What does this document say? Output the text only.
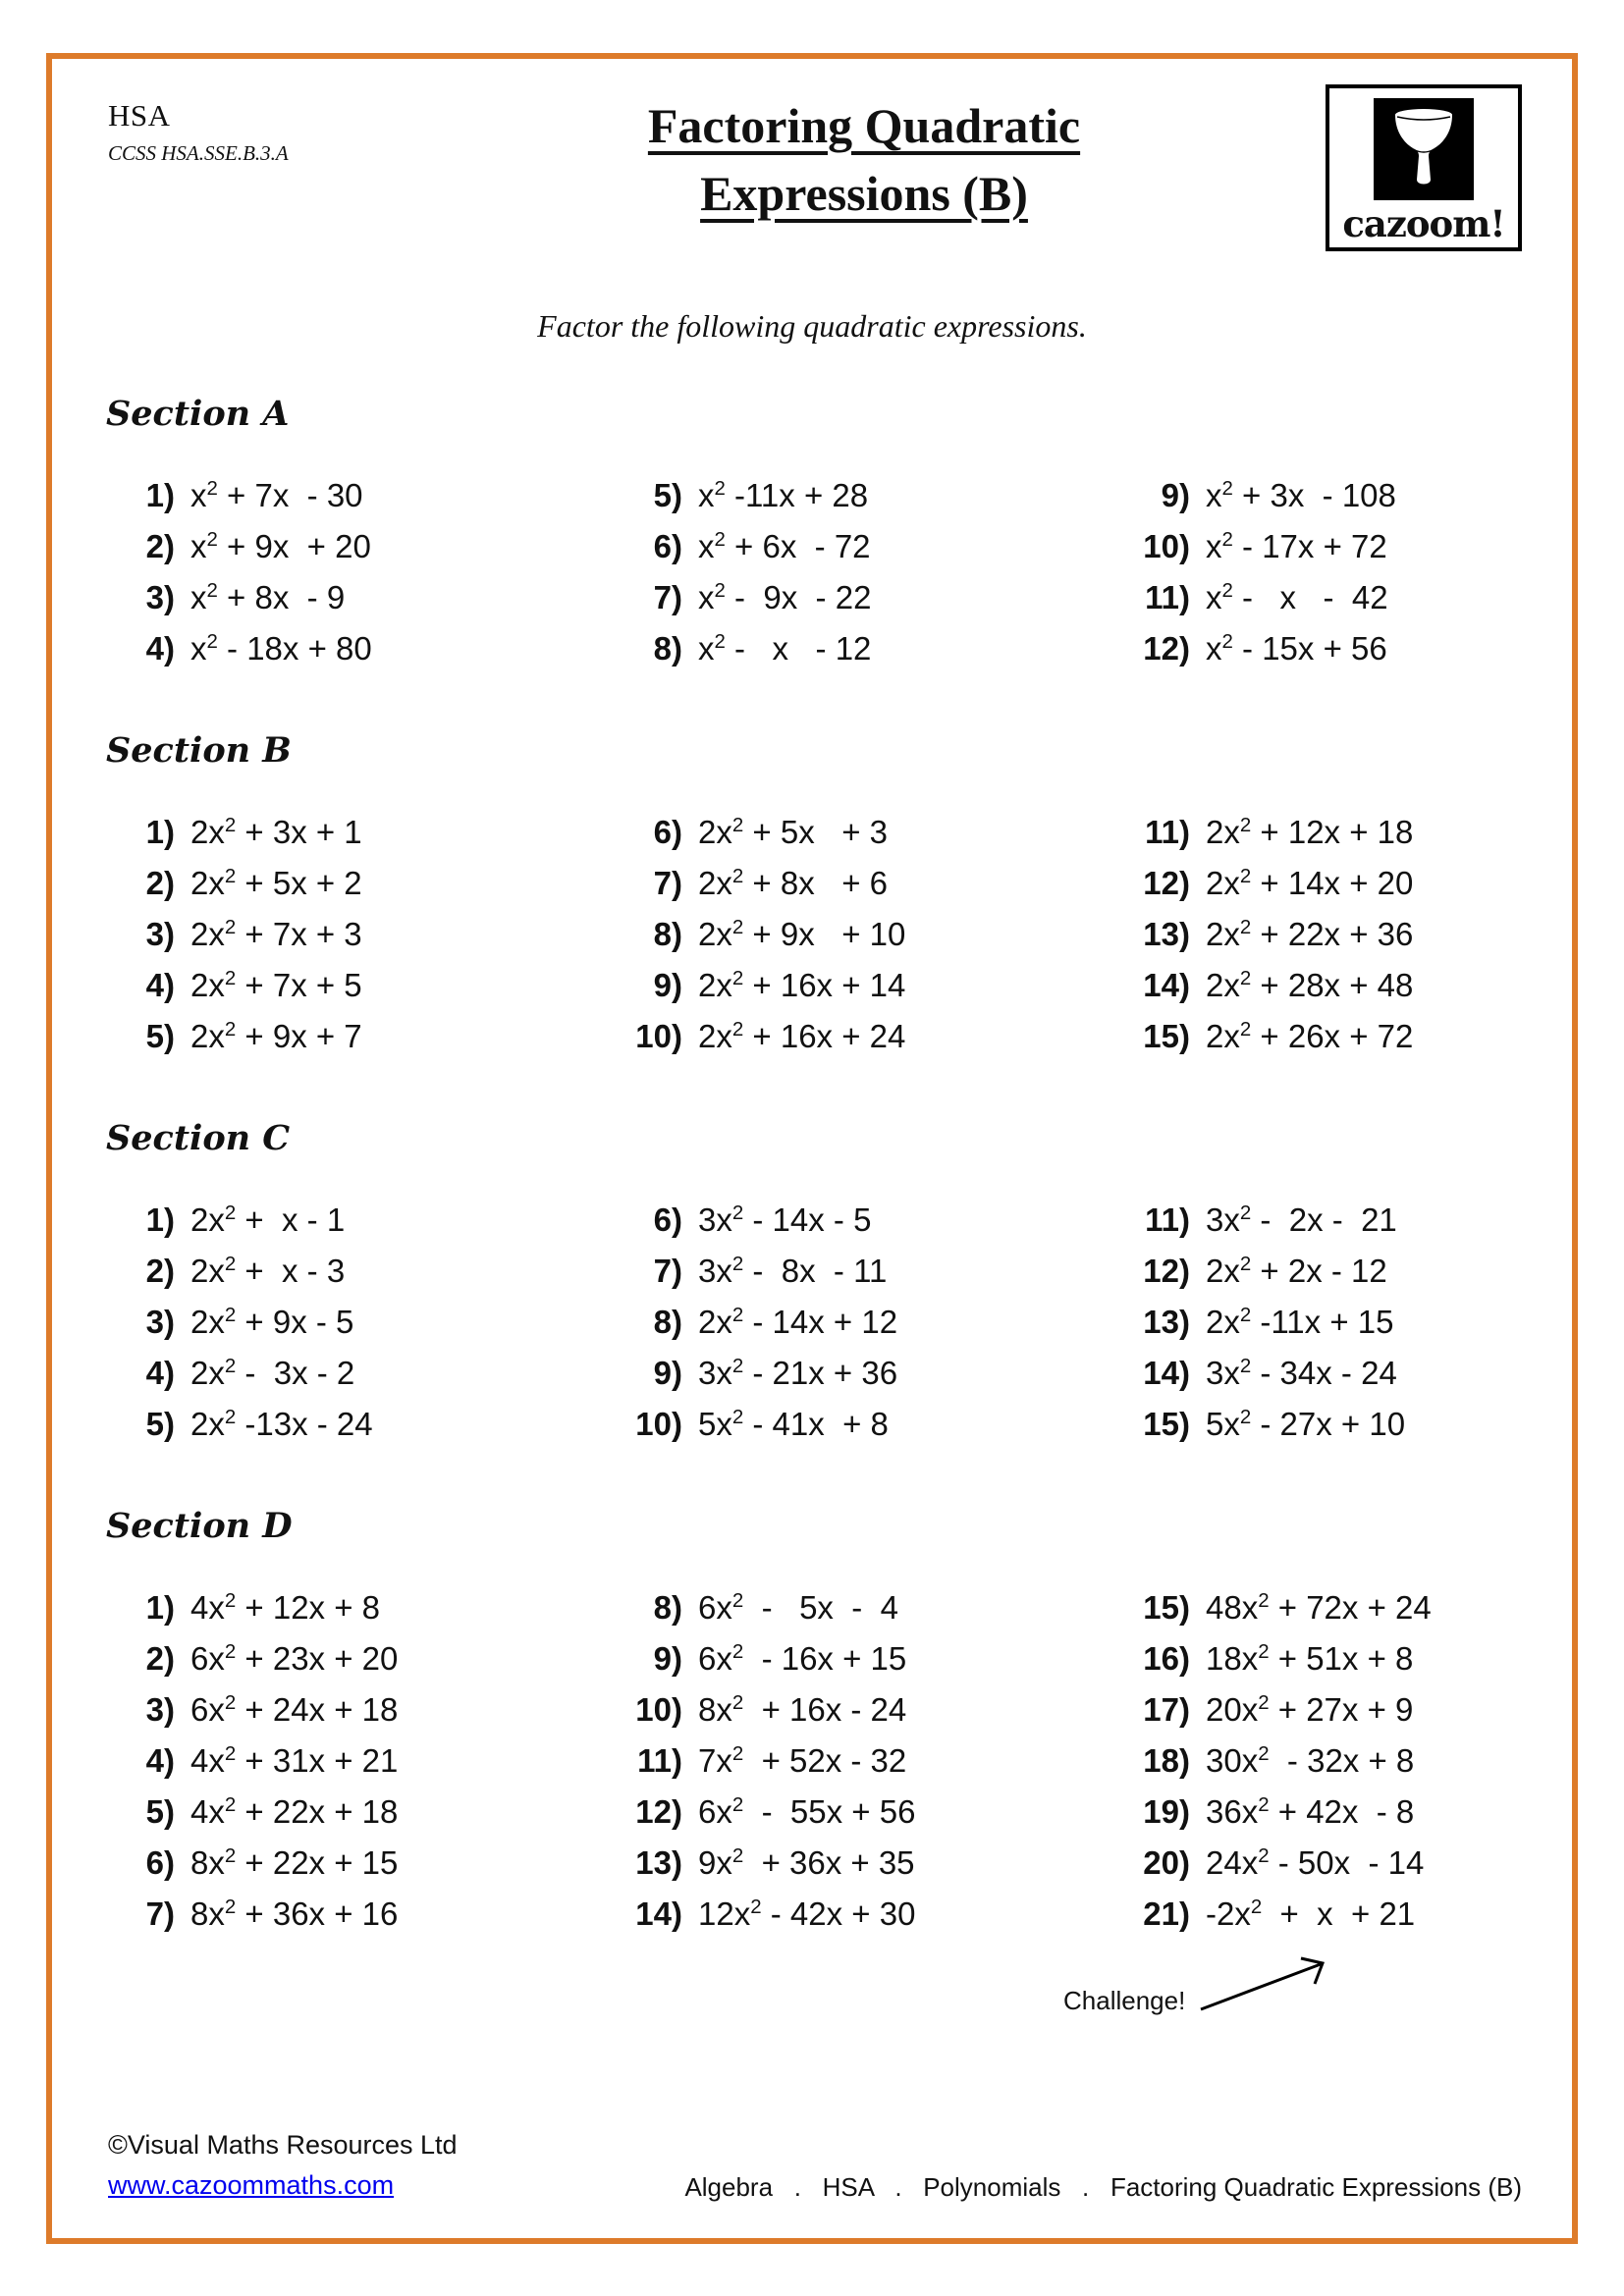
HSA
CCSS HSA.SSE.B.3.A	Factoring Quadratic
Expressions (B)
cazoom!
Factor the following quadratic expressions.
Section A
1) $x^2 + 7x - 30$
2) $x^2 + 9x + 20$
3) $x^2 + 8x - 9$
4) $x^2 - 18x + 80$
5) $x^2$ -11x + 28
6) $x^2 + 6x - 72$
7) $x^2 - 9x - 22$
8) $x^2$ -   x   - 12
9) $x^2 + 3x - 108$
10) $x^2 - 17x + 72$
11) $x^2$ -   x   -  42
12) $x^2 - 15x + 56$
Section B
1) $2x^2 + 3x + 1$
2) $2x^2 + 5x + 2$
3) $2x^2 + 7x + 3$
4) $2x^2 + 7x + 5$
5) $2x^2 + 9x + 7$
6) $2x^2 + 5x + 3$
7) $2x^2 + 8x + 6$
8) $2x^2 + 9x + 10$
9) $2x^2 + 16x + 14$
10) $2x^2 + 16x + 24$
11) $2x^2 + 12x + 18$
12) $2x^2 + 14x + 20$
13) $2x^2 + 22x + 36$
14) $2x^2 + 28x + 48$
15) $2x^2 + 26x + 72$
Section C
1) $2x^2 + x - 1$
2) $2x^2 + x - 3$
3) $2x^2 + 9x - 5$
4) $2x^2 - 3x - 2$
5) $2x^2$ -13x - 24
6) $3x^2 - 14x - 5$
7) $3x^2 - 8x - 11$
8) $2x^2 - 14x + 12$
9) $3x^2 - 21x + 36$
10) $5x^2 - 41x + 8$
11) $3x^2 - 2x - 21$
12) $2x^2 + 2x - 12$
13) $2x^2$ -11x + 15
14) $3x^2 - 34x - 24$
15) $5x^2 - 27x + 10$
Section D
1) $4x^2 + 12x + 8$
2) $6x^2 + 23x + 20$
3) $6x^2 + 24x + 18$
4) $4x^2 + 31x + 21$
5) $4x^2 + 22x + 18$
6) $8x^2 + 22x + 15$
7) $8x^2 + 36x + 16$
8) $6x^2 - 5x - 4$
9) $6x^2 - 16x + 15$
10) $8x^2 + 16x - 24$
11) $7x^2 + 52x - 32$
12) $6x^2 - 55x + 56$
13) $9x^2 + 36x + 35$
14) $12x^2 - 42x + 30$
15) $48x^2 + 72x + 24$
16) $18x^2 + 51x + 8$
17) $20x^2 + 27x + 9$
18) $30x^2 - 32x + 8$
19) $36x^2 + 42x - 8$
20) $24x^2 - 50x - 14$
21) $-2x^2 + x + 21$
Challenge!
©Visual Maths Resources Ltd
www.cazoommaths.com	Algebra   .   HSA   .   Polynomials   .   Factoring Quadratic Expressions (B)
